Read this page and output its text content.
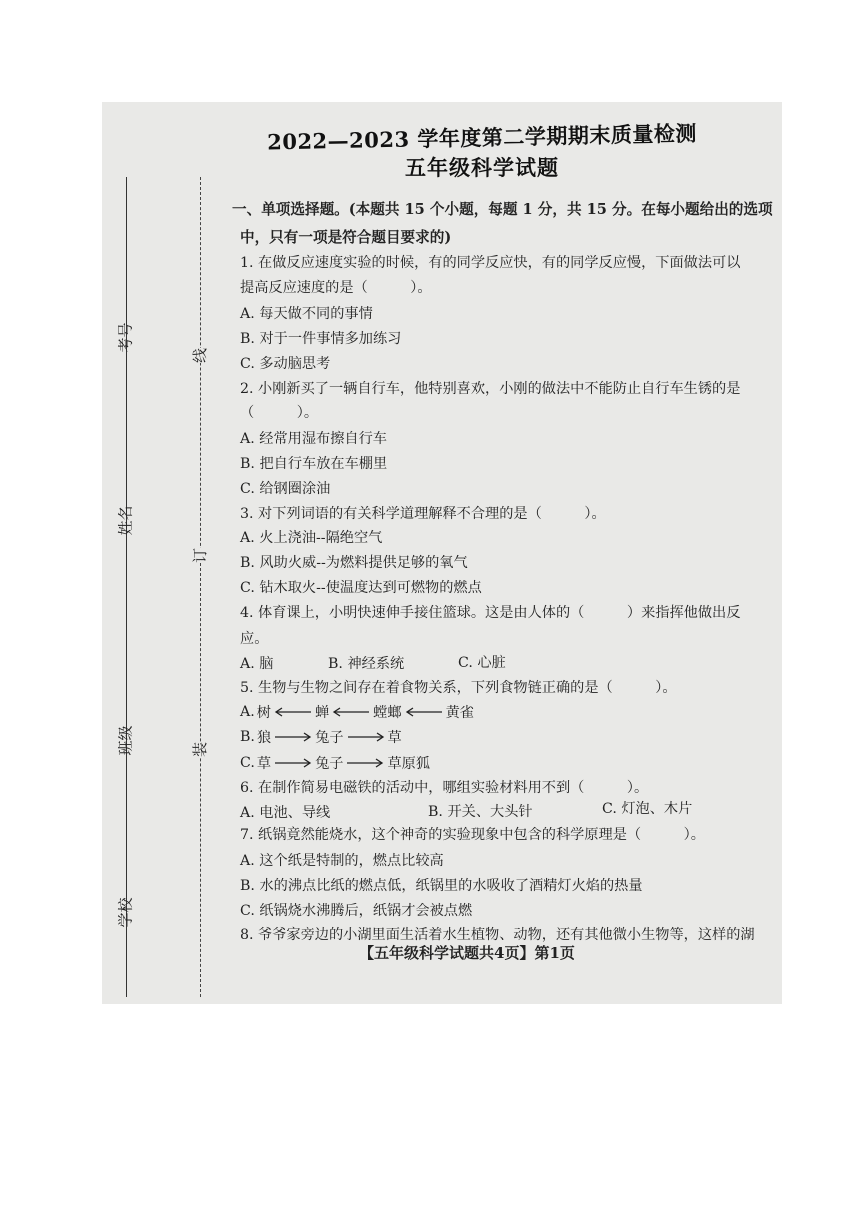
考号
姓名
班级
学校
线
订
装
2022—2023 学年度第二学期期末质量检测
五年级科学试题
一、单项选择题。(本题共 15 个小题，每题 1 分，共 15 分。在每小题给出的选项
中，只有一项是符合题目要求的)
1. 在做反应速度实验的时候，有的同学反应快，有的同学反应慢，下面做法可以
提高反应速度的是（　　　）。
A. 每天做不同的事情
B. 对于一件事情多加练习
C. 多动脑思考
2. 小刚新买了一辆自行车，他特别喜欢，小刚的做法中不能防止自行车生锈的是
（　　　）。
A. 经常用湿布擦自行车
B. 把自行车放在车棚里
C. 给钢圈涂油
3. 对下列词语的有关科学道理解释不合理的是（　　　）。
A. 火上浇油--隔绝空气
B. 风助火威--为燃料提供足够的氧气
C. 钻木取火--使温度达到可燃物的燃点
4. 体育课上，小明快速伸手接住篮球。这是由人体的（　　　）来指挥他做出反
应。
A. 脑	B. 神经系统	C. 心脏
5. 生物与生物之间存在着食物关系，下列食物链正确的是（　　　）。
A. 树	蝉	螳螂	黄雀
B. 狼	兔子	草
C. 草	兔子	草原狐
6. 在制作简易电磁铁的活动中，哪组实验材料用不到（　　　）。
A. 电池、导线	B. 开关、大头针	C. 灯泡、木片
7. 纸锅竟然能烧水，这个神奇的实验现象中包含的科学原理是（　　　）。
A. 这个纸是特制的，燃点比较高
B. 水的沸点比纸的燃点低，纸锅里的水吸收了酒精灯火焰的热量
C. 纸锅烧水沸腾后，纸锅才会被点燃
8. 爷爷家旁边的小湖里面生活着水生植物、动物，还有其他微小生物等，这样的湖
【五年级科学试题共4页】第1页
